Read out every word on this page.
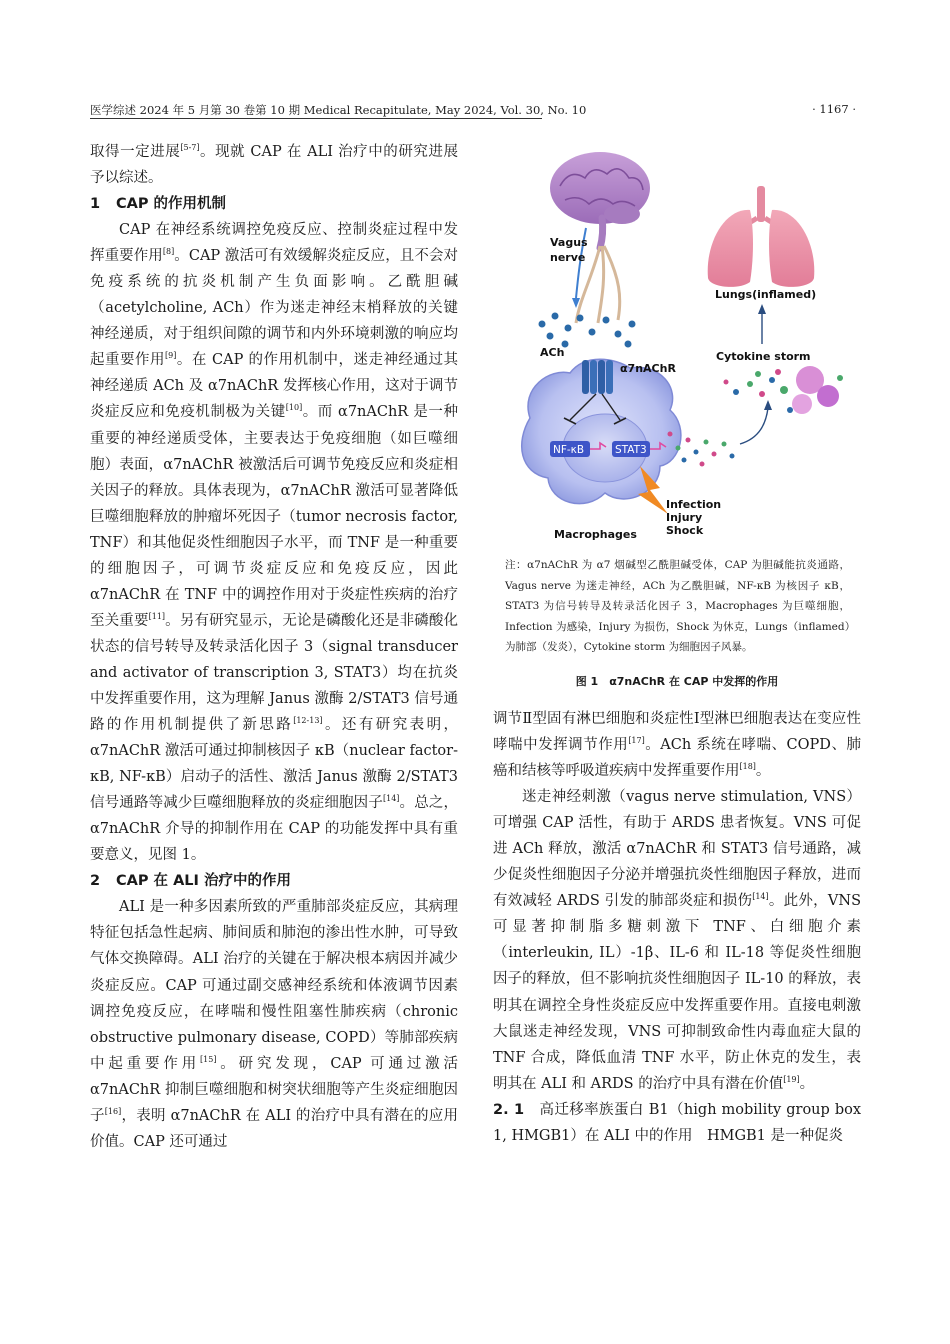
医学综述 2024 年 5 月第 30 卷第 10 期 Medical Recapitulate, May 2024, Vol. 30, No. 10	· 1167 ·

取得一定进展[5-7]。现就 CAP 在 ALI 治疗中的研究进展予以综述。

1 CAP 的作用机制

CAP 在神经系统调控免疫反应、控制炎症过程中发挥重要作用[8]。CAP 激活可有效缓解炎症反应，且不会对免疫系统的抗炎机制产生负面影响。乙酰胆碱（acetylcholine, ACh）作为迷走神经末梢释放的关键神经递质，对于组织间隙的调节和内外环境刺激的响应均起重要作用[9]。在 CAP 的作用机制中，迷走神经通过其神经递质 ACh 及 α7nAChR 发挥核心作用，这对于调节炎症反应和免疫机制极为关键[10]。而 α7nAChR 是一种重要的神经递质受体，主要表达于免疫细胞（如巨噬细胞）表面，α7nAChR 被激活后可调节免疫反应和炎症相关因子的释放。具体表现为，α7nAChR 激活可显著降低巨噬细胞释放的肿瘤坏死因子（tumor necrosis factor, TNF）和其他促炎性细胞因子水平，而 TNF 是一种重要的细胞因子，可调节炎症反应和免疫反应，因此 α7nAChR 在 TNF 中的调控作用对于炎症性疾病的治疗至关重要[11]。另有研究显示，无论是磷酸化还是非磷酸化状态的信号转导及转录活化因子 3（signal transducer and activator of transcription 3, STAT3）均在抗炎中发挥重要作用，这为理解 Janus 激酶 2/STAT3 信号通路的作用机制提供了新思路[12-13]。还有研究表明，α7nAChR 激活可通过抑制核因子 κB（nuclear factor-κB, NF-κB）启动子的活性、激活 Janus 激酶 2/STAT3 信号通路等减少巨噬细胞释放的炎症细胞因子[14]。总之，α7nAChR 介导的抑制作用在 CAP 的功能发挥中具有重要意义，见图 1。

2 CAP 在 ALI 治疗中的作用

ALI 是一种多因素所致的严重肺部炎症反应，其病理特征包括急性起病、肺间质和肺泡的渗出性水肿，可导致气体交换障碍。ALI 治疗的关键在于解决根本病因并减少炎症反应。CAP 可通过副交感神经系统和体液调节因素调控免疫反应，在哮喘和慢性阻塞性肺疾病（chronic obstructive pulmonary disease, COPD）等肺部疾病中起重要作用[15]。研究发现，CAP 可通过激活 α7nAChR 抑制巨噬细胞和树突状细胞等产生炎症细胞因子[16]，表明 α7nAChR 在 ALI 的治疗中具有潜在的应用价值。CAP 还可通过

Vagus
nerve
ACh
α7nAChR
NF-κB	STAT3
Infection
Injury
Shock
Macrophages
Cytokine storm
Lungs(inflamed)
注：α7nAChR 为 α7 烟碱型乙酰胆碱受体，CAP 为胆碱能抗炎通路，Vagus nerve 为迷走神经，ACh 为乙酰胆碱，NF-κB 为核因子 κB，STAT3 为信号转导及转录活化因子 3，Macrophages 为巨噬细胞，Infection 为感染，Injury 为损伤，Shock 为休克，Lungs（inflamed）为肺部（发炎），Cytokine storm 为细胞因子风暴。
图 1　α7nAChR 在 CAP 中发挥的作用

调节Ⅱ型固有淋巴细胞和炎症性Ⅰ型淋巴细胞表达在变应性哮喘中发挥调节作用[17]。ACh 系统在哮喘、COPD、肺癌和结核等呼吸道疾病中发挥重要作用[18]。

迷走神经刺激（vagus nerve stimulation, VNS）可增强 CAP 活性，有助于 ARDS 患者恢复。VNS 可促进 ACh 释放，激活 α7nAChR 和 STAT3 信号通路，减少促炎性细胞因子分泌并增强抗炎性细胞因子释放，进而有效减轻 ARDS 引发的肺部炎症和损伤[14]。此外，VNS 可显著抑制脂多糖刺激下 TNF、白细胞介素（interleukin, IL）-1β、IL-6 和 IL-18 等促炎性细胞因子的释放，但不影响抗炎性细胞因子 IL-10 的释放，表明其在调控全身性炎症反应中发挥重要作用。直接电刺激大鼠迷走神经发现，VNS 可抑制致命性内毒血症大鼠的 TNF 合成，降低血清 TNF 水平，防止休克的发生，表明其在 ALI 和 ARDS 的治疗中具有潜在价值[19]。

2. 1　 高迁移率族蛋白 B1（high mobility group box 1, HMGB1）在 ALI 中的作用　 HMGB1 是一种促炎
